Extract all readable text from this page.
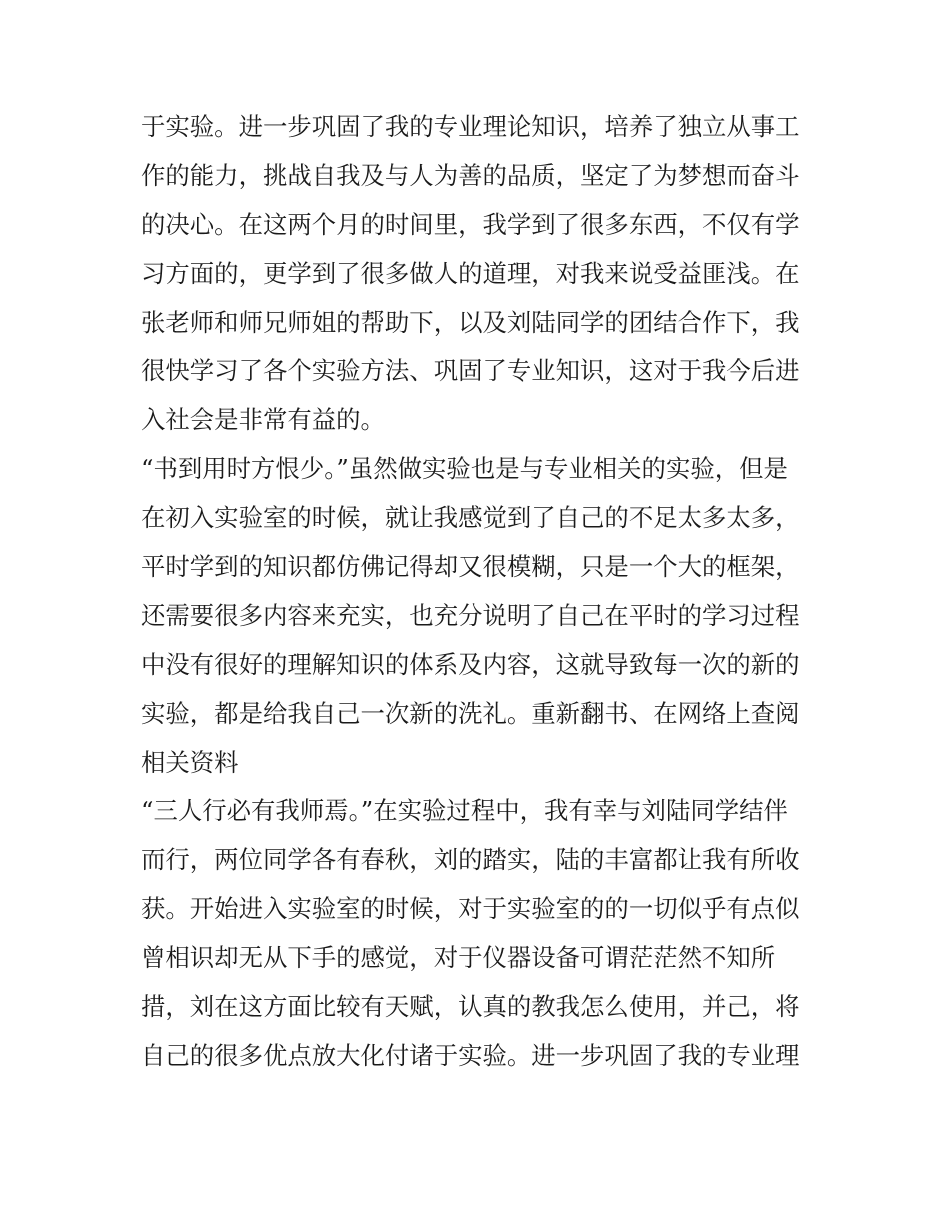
于实验。进一步巩固了我的专业理论知识，培养了独立从事工
作的能力，挑战自我及与人为善的品质，坚定了为梦想而奋斗
的决心。在这两个月的时间里，我学到了很多东西，不仅有学
习方面的，更学到了很多做人的道理，对我来说受益匪浅。在
张老师和师兄师姐的帮助下，以及刘陆同学的团结合作下，我
很快学习了各个实验方法、巩固了专业知识，这对于我今后进
入社会是非常有益的。
“书到用时方恨少。”虽然做实验也是与专业相关的实验，但是
在初入实验室的时候，就让我感觉到了自己的不足太多太多，
平时学到的知识都仿佛记得却又很模糊，只是一个大的框架，
还需要很多内容来充实，也充分说明了自己在平时的学习过程
中没有很好的理解知识的体系及内容，这就导致每一次的新的
实验，都是给我自己一次新的洗礼。重新翻书、在网络上查阅
相关资料
“三人行必有我师焉。”在实验过程中，我有幸与刘陆同学结伴
而行，两位同学各有春秋，刘的踏实，陆的丰富都让我有所收
获。开始进入实验室的时候，对于实验室的的一切似乎有点似
曾相识却无从下手的感觉，对于仪器设备可谓茫茫然不知所
措，刘在这方面比较有天赋，认真的教我怎么使用，并己，将
自己的很多优点放大化付诸于实验。进一步巩固了我的专业理
